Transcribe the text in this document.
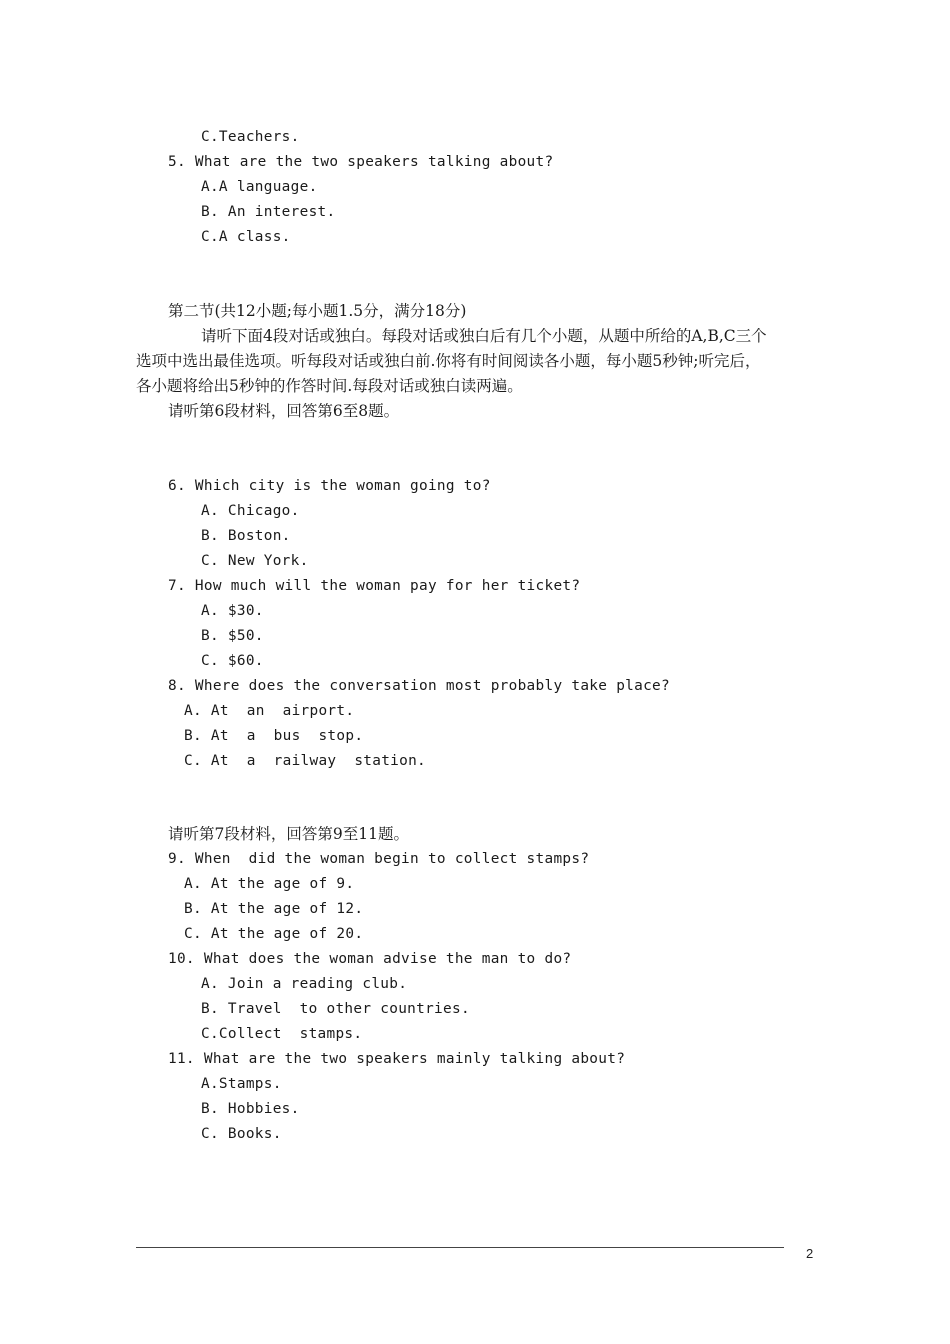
C.Teachers.
5. What are the two speakers talking about?
A.A language.
B. An interest.
C.A class.
第二节(共12小题;每小题1.5分，满分18分)
请听下面4段对话或独白。每段对话或独白后有几个小题，从题中所给的A,B,C三个
选项中选出最佳选项。听每段对话或独白前.你将有时间阅读各小题，每小题5秒钟;听完后，
各小题将给出5秒钟的作答时间.每段对话或独白读两遍。
请听第6段材料，回答第6至8题。
6. Which city is the woman going to?
A. Chicago.
B. Boston.
C. New York.
7. How much will the woman pay for her ticket?
A. $30.
B. $50.
C. $60.
8. Where does the conversation most probably take place?
A. At  an  airport.
B. At  a  bus  stop.
C. At  a  railway  station.
请听第7段材料，回答第9至11题。
9. When  did the woman begin to collect stamps?
A. At the age of 9.
B. At the age of 12.
C. At the age of 20.
10. What does the woman advise the man to do?
A. Join a reading club.
B. Travel  to other countries.
C.Collect  stamps.
11. What are the two speakers mainly talking about?
A.Stamps.
B. Hobbies.
C. Books.
2
